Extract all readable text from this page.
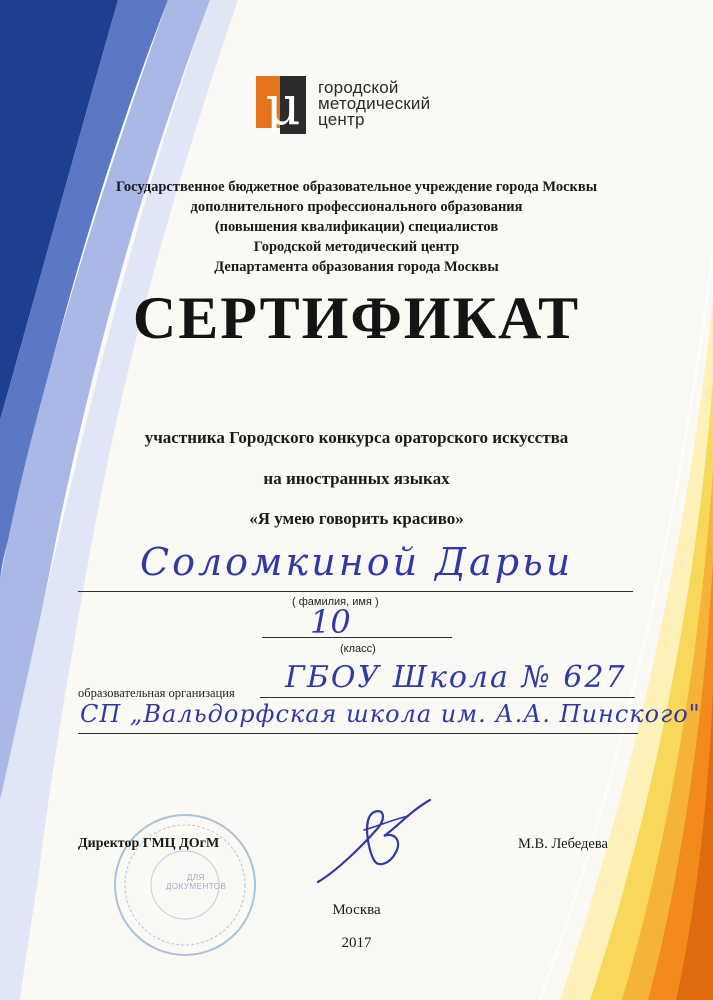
μ городской
методический
центр
Государственное бюджетное образовательное учреждение города Москвы
дополнительного профессионального образования
(повышения квалификации) специалистов
Городской методический центр
Департамента образования города Москвы
СЕРТИФИКАТ
участника Городского конкурса ораторского искусства
на иностранных языках
«Я умею говорить красиво»
Соломкиной Дарьи
( фамилия, имя )
10
(класс)
образовательная организация ГБОУ Школа № 627
СП „Вальдорфская школа им. А.А. Пинского"
ДЛЯ
ДОКУМЕНТОВ
Директор ГМЦ ДОгМ	М.В. Лебедева
Москва
2017
